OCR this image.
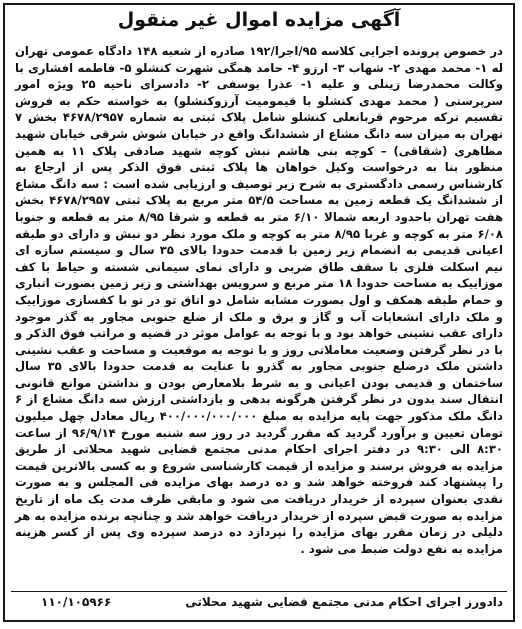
آگهی مزایده اموال غیر منقول

در خصوص پرونده اجرایی کلاسه ۹۵/اجرا/۱۹۲ صادره از شعبه ۱۴۸ دادگاه عمومی تهران له ۱- محمد مهدی ۲- شهاب ۳- ارزو ۴- حامد همگی شهرت کنشلو ۵- فاطمه افشاری با وکالت محمدرضا زینلی و علیه ۱- عذرا یوسفی ۲- دادسرای ناحیه ۲۵ ویژه امور سرپرستی ( محمد مهدی کنشلو با قیمومیت آرزوکنشلو) به خواسته حکم به فروش تقسیم ترکه مرحوم قربانعلی کنشلو شامل پلاک ثبتی به شماره ۴۶۷۸/۲۹۵۷ بخش ۷ تهران به میزان سه دانگ مشاع از ششدانگ واقع در خیابان شوش شرقی خیابان شهید مظاهری (شقاقی) – کوچه بنی هاشم نبش کوچه شهید صادقی پلاک ۱۱ به همین منظور بنا به درخواست وکیل خواهان ها پلاک ثبتی فوق الذکر پس از ارجاع به کارشناس رسمی دادگستری به شرح زیر توصیف و ارزیابی شده است : سه دانگ مشاع از ششدانگ یک قطعه زمین به مساحت ۵۴/۵ متر مربع به پلاک ثبتی ۴۶۷۸/۲۹۵۷ بخش هفت تهران باحدود اربعه شمالا ۶/۱۰ متر به قطعه و شرقا ۸/۹۵ متر به قطعه و جنوبا ۶/۰۸ متر به کوچه و غربا ۸/۹۵ متر به کوچه و ملک مورد نظر دو نبش و دارای دو طبقه اعیانی قدیمی به انضمام زیر زمین با قدمت حدودا بالای ۳۵ سال و سیستم سازه ای نیم اسکلت فلزی با سقف طاق ضربی و دارای نمای سیمانی شسته و حیاط با کف موزاییک به مساحت حدودا ۱۸ متر مربع و سرویس بهداشتی و زیر زمین بصورت انباری و حمام طبقه همکف و اول بصورت مشابه شامل دو اتاق تو در تو با کفسازی موزاییک و ملک دارای انشعابات آب و گاز و برق و ملک از ضلع جنوبی مجاور به گذر موجود دارای عقب نشینی خواهد بود و با توجه به عوامل موثر در قضیه و مراتب فوق الذکر و با در نظر گرفتن وضعیت معاملاتی روز و با توجه به موقعیت و مساحت و عقب نشینی داشتن ملک درضلع جنوبی مجاور به گذرو با عنایت به قدمت حدودا بالای ۳۵ سال ساختمان و قدیمی بودن اعیانی و به شرط بلامعارض بودن و نداشتن موانع قانونی انتقال سند بدون در نظر گرفتن هرگونه بدهی و بازداشتی ارزش سه دانگ مشاع از ۶ دانگ ملک مذکور جهت پایه مزایده به مبلغ ۴۰۰/۰۰۰/۰۰۰/۰۰۰ ریال معادل چهل میلیون تومان تعیین و برآورد گردید که مقرر گردید در روز سه شنبه مورخ ۹۶/۹/۱۴ از ساعت ۸:۳۰ الی ۹:۳۰ در دفتر اجرای احکام مدنی مجتمع قضایی شهید محلاتی از طریق مزایده به فروش برسند و مزایده از قیمت کارشناسی شروع و به کسی بالاترین قیمت را پیشنهاد کند فروخته خواهد شد و ده درصد بهای مزایده فی المجلس و به صورت نقدی بعنوان سپرده از خریدار دریافت می شود و مابقی ظرف مدت یک ماه از تاریخ مزایده به صورت قبض سپرده از خریدار دریافت خواهد شد و چنانچه برنده مزایده به هر دلیلی در زمان مقرر بهای مزایده را نپردازد ده درصد سپرده وی پس از کسر هزینه مزایده به نفع دولت ضبط می شود .

دادورز اجرای احکام مدنی مجتمع قضایی شهید محلاتی
۱۱۰/۱۰۵۹۶۶
